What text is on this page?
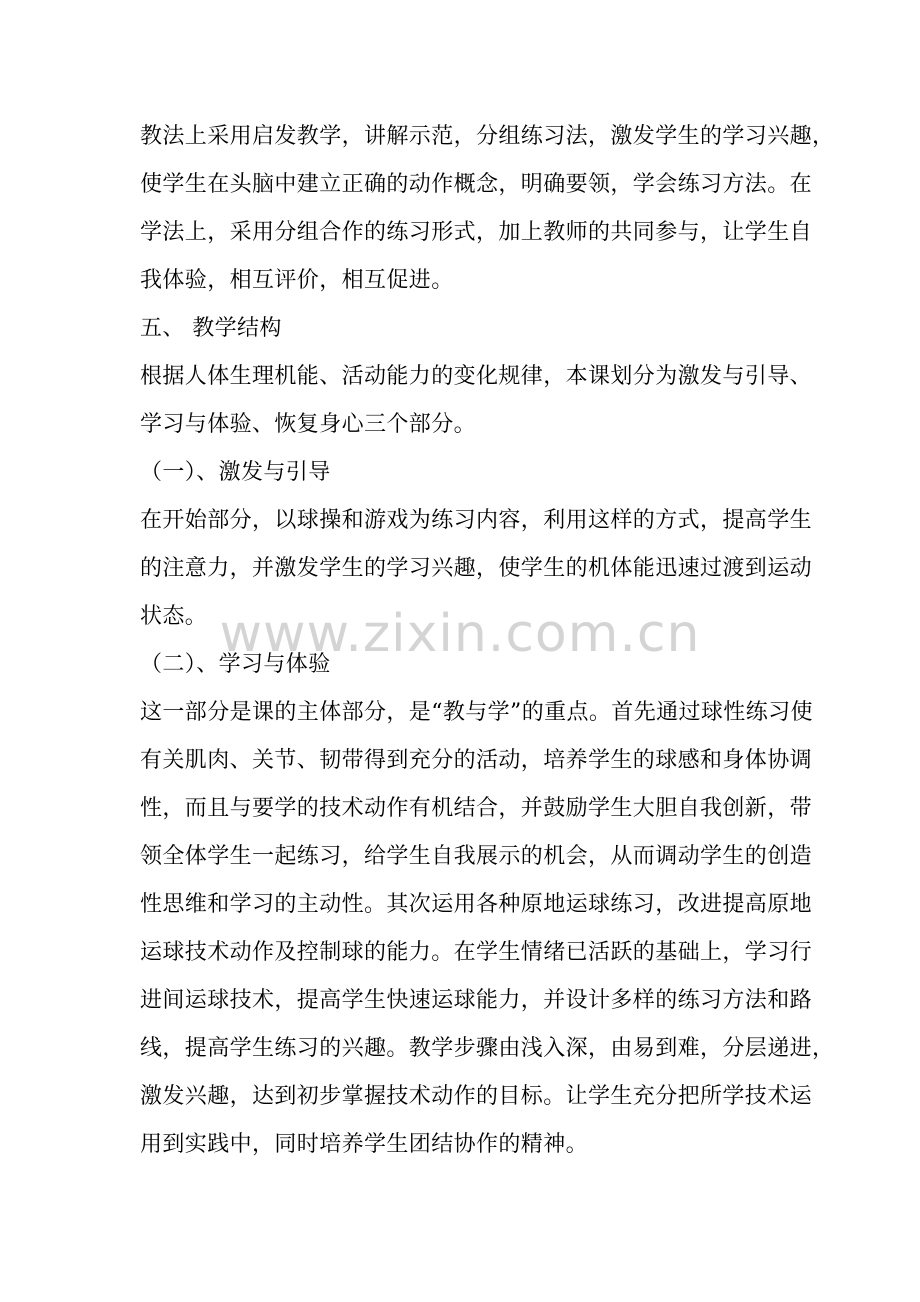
教法上采用启发教学，讲解示范，分组练习法，激发学生的学习兴趣，
使学生在头脑中建立正确的动作概念，明确要领，学会练习方法。在
学法上，采用分组合作的练习形式，加上教师的共同参与，让学生自
我体验，相互评价，相互促进。
五、 教学结构
根据人体生理机能、活动能力的变化规律，本课划分为激发与引导、
学习与体验、恢复身心三个部分。
（一）、激发与引导
在开始部分，以球操和游戏为练习内容，利用这样的方式，提高学生
的注意力，并激发学生的学习兴趣，使学生的机体能迅速过渡到运动
状态。
（二）、学习与体验
这一部分是课的主体部分，是“教与学”的重点。首先通过球性练习使
有关肌肉、关节、韧带得到充分的活动，培养学生的球感和身体协调
性，而且与要学的技术动作有机结合，并鼓励学生大胆自我创新，带
领全体学生一起练习，给学生自我展示的机会，从而调动学生的创造
性思维和学习的主动性。其次运用各种原地运球练习，改进提高原地
运球技术动作及控制球的能力。在学生情绪已活跃的基础上，学习行
进间运球技术，提高学生快速运球能力，并设计多样的练习方法和路
线，提高学生练习的兴趣。教学步骤由浅入深，由易到难，分层递进，
激发兴趣，达到初步掌握技术动作的目标。让学生充分把所学技术运
用到实践中，同时培养学生团结协作的精神。
www.zixin.com.cn
